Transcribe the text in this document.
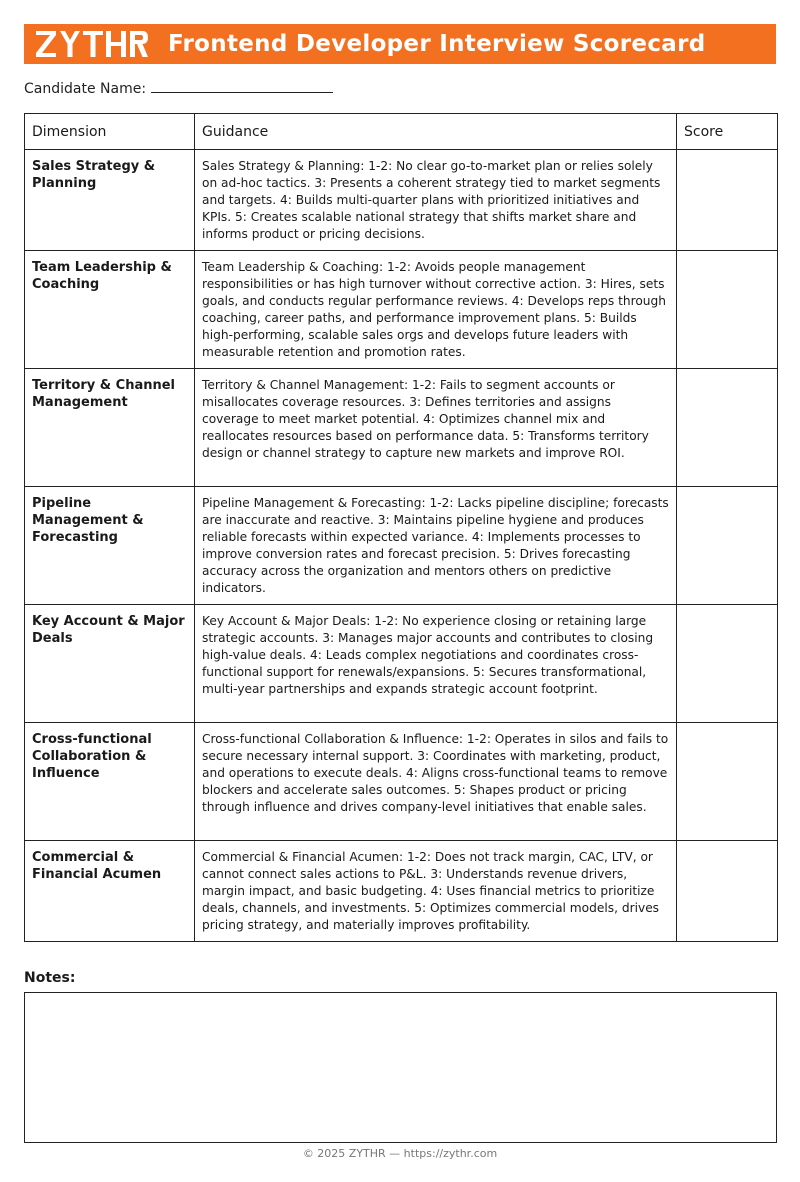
Frontend Developer Interview Scorecard
Candidate Name:
Dimension	Guidance	Score
Sales Strategy & Planning	Sales Strategy & Planning: 1-2: No clear go-to-market plan or relies solely on ad-hoc tactics. 3: Presents a coherent strategy tied to market segments and targets. 4: Builds multi-quarter plans with prioritized initiatives and KPIs. 5: Creates scalable national strategy that shifts market share and informs product or pricing decisions.	
Team Leadership & Coaching	Team Leadership & Coaching: 1-2: Avoids people management responsibilities or has high turnover without corrective action. 3: Hires, sets goals, and conducts regular performance reviews. 4: Develops reps through coaching, career paths, and performance improvement plans. 5: Builds high-performing, scalable sales orgs and develops future leaders with measurable retention and promotion rates.	
Territory & Channel Management	Territory & Channel Management: 1-2: Fails to segment accounts or misallocates coverage resources. 3: Defines territories and assigns coverage to meet market potential. 4: Optimizes channel mix and reallocates resources based on performance data. 5: Transforms territory design or channel strategy to capture new markets and improve ROI.	
Pipeline Management & Forecasting	Pipeline Management & Forecasting: 1-2: Lacks pipeline discipline; forecasts are inaccurate and reactive. 3: Maintains pipeline hygiene and produces reliable forecasts within expected variance. 4: Implements processes to improve conversion rates and forecast precision. 5: Drives forecasting accuracy across the organization and mentors others on predictive indicators.	
Key Account & Major Deals	Key Account & Major Deals: 1-2: No experience closing or retaining large strategic accounts. 3: Manages major accounts and contributes to closing high-value deals. 4: Leads complex negotiations and coordinates cross-functional support for renewals/expansions. 5: Secures transformational, multi-year partnerships and expands strategic account footprint.	
Cross-functional Collaboration & Influence	Cross-functional Collaboration & Influence: 1-2: Operates in silos and fails to secure necessary internal support. 3: Coordinates with marketing, product, and operations to execute deals. 4: Aligns cross-functional teams to remove blockers and accelerate sales outcomes. 5: Shapes product or pricing through influence and drives company-level initiatives that enable sales.	
Commercial & Financial Acumen	Commercial & Financial Acumen: 1-2: Does not track margin, CAC, LTV, or cannot connect sales actions to P&L. 3: Understands revenue drivers, margin impact, and basic budgeting. 4: Uses financial metrics to prioritize deals, channels, and investments. 5: Optimizes commercial models, drives pricing strategy, and materially improves profitability.	
Notes:
© 2025 ZYTHR — https://zythr.com
